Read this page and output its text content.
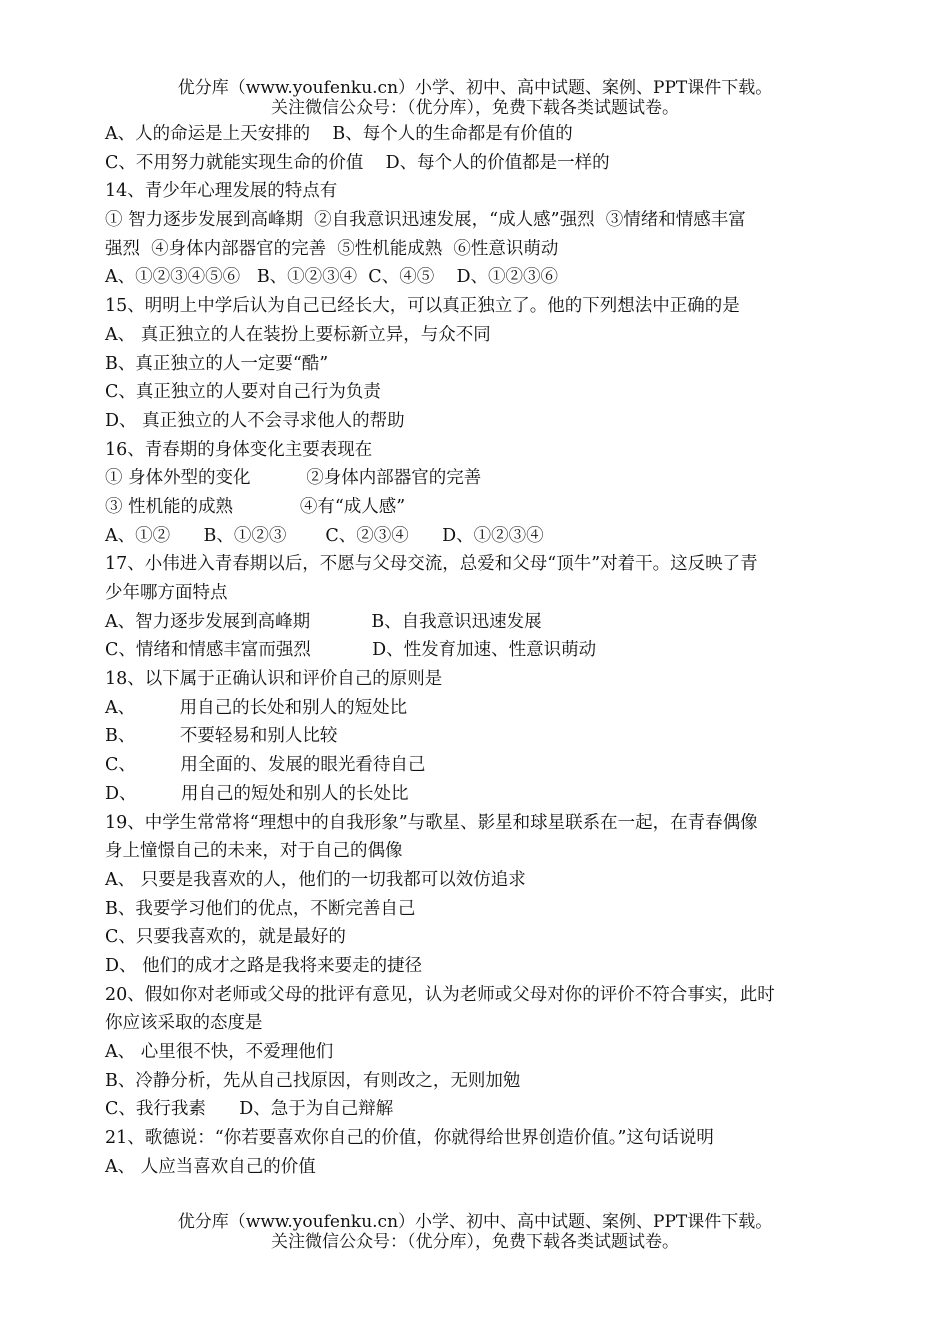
优分库（www.youfenku.cn）小学、初中、高中试题、案例、PPT课件下载。
关注微信公众号：（优分库），免费下载各类试题试卷。
A、人的命运是上天安排的    B、每个人的生命都是有价值的
C、不用努力就能实现生命的价值    D、每个人的价值都是一样的
14、青少年心理发展的特点有
① 智力逐步发展到高峰期  ②自我意识迅速发展，“成人感”强烈  ③情绪和情感丰富
强烈  ④身体内部器官的完善  ⑤性机能成熟  ⑥性意识萌动
A、①②③④⑤⑥   B、①②③④  C、④⑤    D、①②③⑥
15、明明上中学后认为自己已经长大，可以真正独立了。他的下列想法中正确的是
A、 真正独立的人在装扮上要标新立异，与众不同
B、真正独立的人一定要“酷”
C、真正独立的人要对自己行为负责
D、 真正独立的人不会寻求他人的帮助
16、青春期的身体变化主要表现在
① 身体外型的变化          ②身体内部器官的完善
③ 性机能的成熟            ④有“成人感”
A、①②      B、①②③       C、②③④      D、①②③④
17、小伟进入青春期以后，不愿与父母交流，总爱和父母“顶牛”对着干。这反映了青
少年哪方面特点
A、智力逐步发展到高峰期           B、自我意识迅速发展
C、情绪和情感丰富而强烈           D、性发育加速、性意识萌动
18、以下属于正确认识和评价自己的原则是
A、        用自己的长处和别人的短处比
B、        不要轻易和别人比较
C、        用全面的、发展的眼光看待自己
D、        用自己的短处和别人的长处比
19、中学生常常将“理想中的自我形象”与歌星、影星和球星联系在一起，在青春偶像
身上憧憬自己的未来，对于自己的偶像
A、 只要是我喜欢的人，他们的一切我都可以效仿追求
B、我要学习他们的优点，不断完善自己
C、只要我喜欢的，就是最好的
D、 他们的成才之路是我将来要走的捷径
20、假如你对老师或父母的批评有意见，认为老师或父母对你的评价不符合事实，此时
你应该采取的态度是
A、 心里很不快，不爱理他们
B、冷静分析，先从自己找原因，有则改之，无则加勉
C、我行我素      D、急于为自己辩解
21、歌德说：“你若要喜欢你自己的价值，你就得给世界创造价值。”这句话说明
A、 人应当喜欢自己的价值
优分库（www.youfenku.cn）小学、初中、高中试题、案例、PPT课件下载。
关注微信公众号：（优分库），免费下载各类试题试卷。
